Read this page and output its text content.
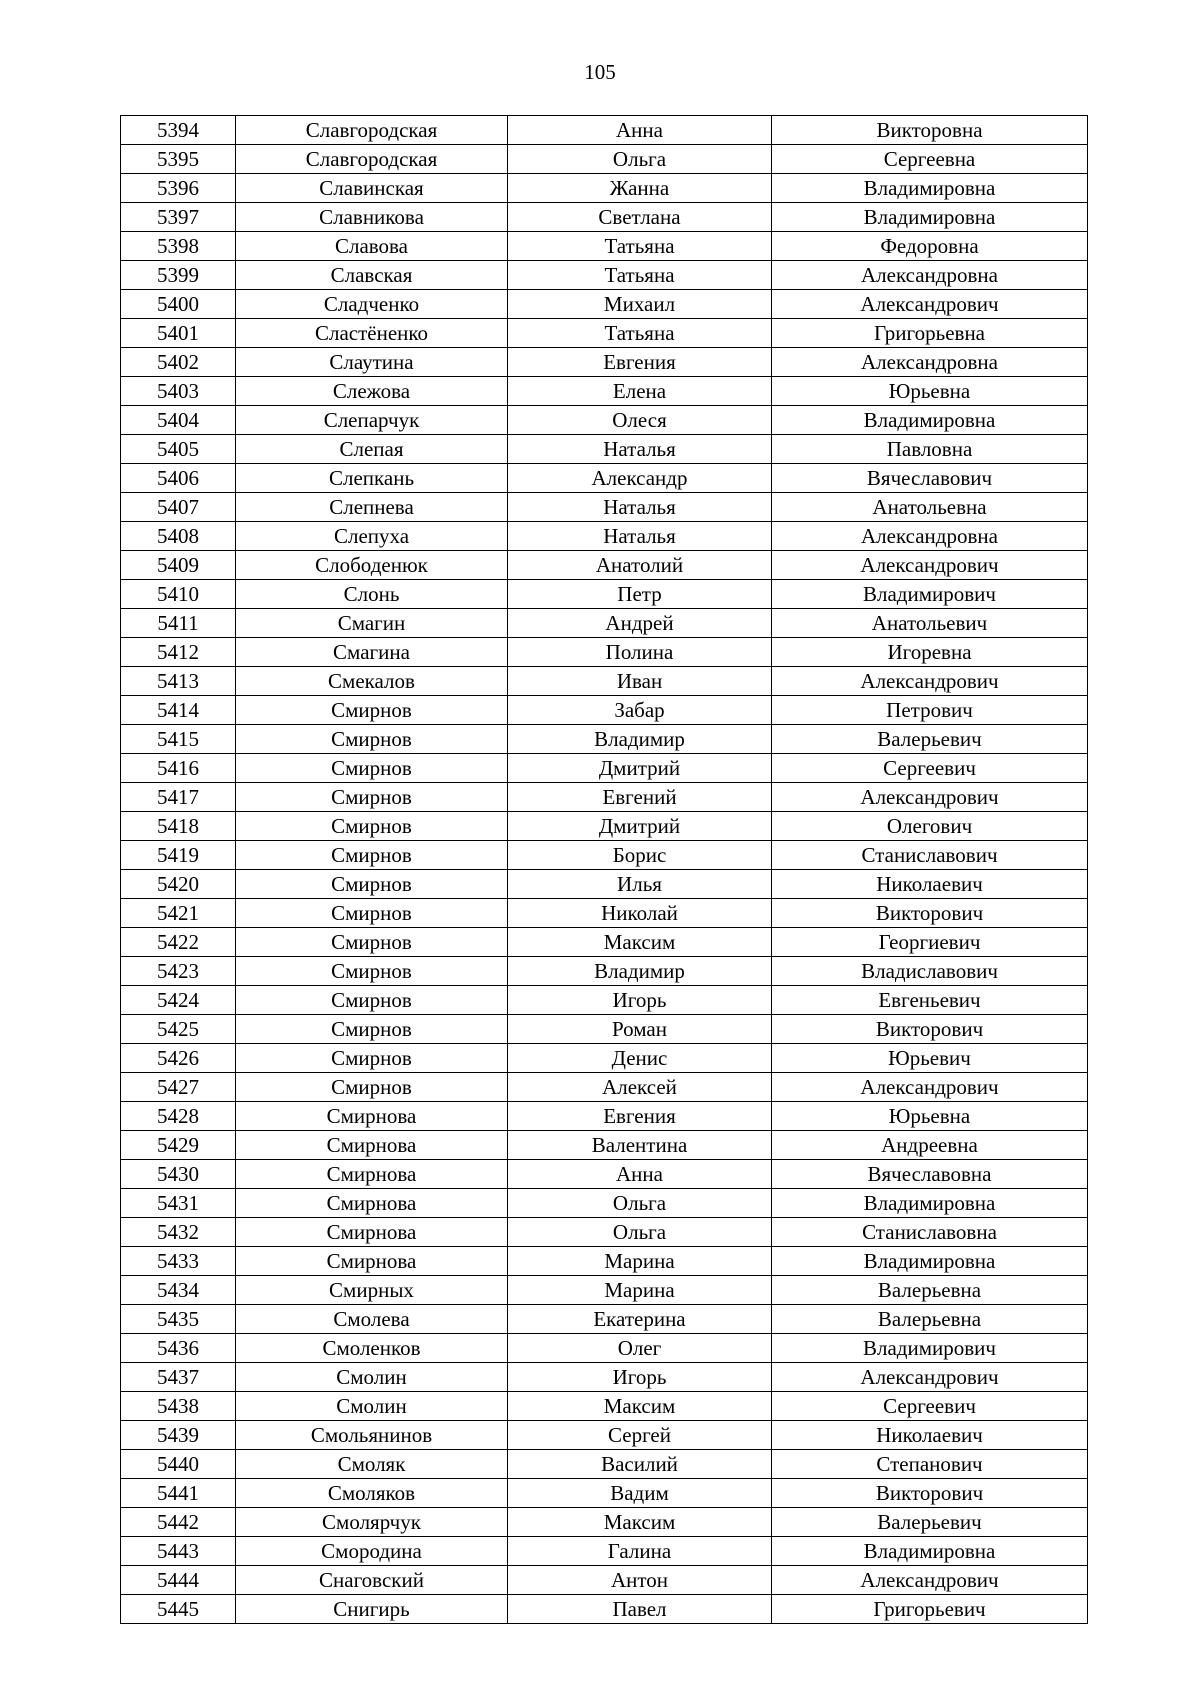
105
5394	Славгородская	Анна	Викторовна
5395	Славгородская	Ольга	Сергеевна
5396	Славинская	Жанна	Владимировна
5397	Славникова	Светлана	Владимировна
5398	Славова	Татьяна	Федоровна
5399	Славская	Татьяна	Александровна
5400	Сладченко	Михаил	Александрович
5401	Сластёненко	Татьяна	Григорьевна
5402	Слаутина	Евгения	Александровна
5403	Слежова	Елена	Юрьевна
5404	Слепарчук	Олеся	Владимировна
5405	Слепая	Наталья	Павловна
5406	Слепкань	Александр	Вячеславович
5407	Слепнева	Наталья	Анатольевна
5408	Слепуха	Наталья	Александровна
5409	Слободенюк	Анатолий	Александрович
5410	Слонь	Петр	Владимирович
5411	Смагин	Андрей	Анатольевич
5412	Смагина	Полина	Игоревна
5413	Смекалов	Иван	Александрович
5414	Смирнов	Забар	Петрович
5415	Смирнов	Владимир	Валерьевич
5416	Смирнов	Дмитрий	Сергеевич
5417	Смирнов	Евгений	Александрович
5418	Смирнов	Дмитрий	Олегович
5419	Смирнов	Борис	Станиславович
5420	Смирнов	Илья	Николаевич
5421	Смирнов	Николай	Викторович
5422	Смирнов	Максим	Георгиевич
5423	Смирнов	Владимир	Владиславович
5424	Смирнов	Игорь	Евгеньевич
5425	Смирнов	Роман	Викторович
5426	Смирнов	Денис	Юрьевич
5427	Смирнов	Алексей	Александрович
5428	Смирнова	Евгения	Юрьевна
5429	Смирнова	Валентина	Андреевна
5430	Смирнова	Анна	Вячеславовна
5431	Смирнова	Ольга	Владимировна
5432	Смирнова	Ольга	Станиславовна
5433	Смирнова	Марина	Владимировна
5434	Смирных	Марина	Валерьевна
5435	Смолева	Екатерина	Валерьевна
5436	Смоленков	Олег	Владимирович
5437	Смолин	Игорь	Александрович
5438	Смолин	Максим	Сергеевич
5439	Смольянинов	Сергей	Николаевич
5440	Смоляк	Василий	Степанович
5441	Смоляков	Вадим	Викторович
5442	Смолярчук	Максим	Валерьевич
5443	Смородина	Галина	Владимировна
5444	Снаговский	Антон	Александрович
5445	Снигирь	Павел	Григорьевич
